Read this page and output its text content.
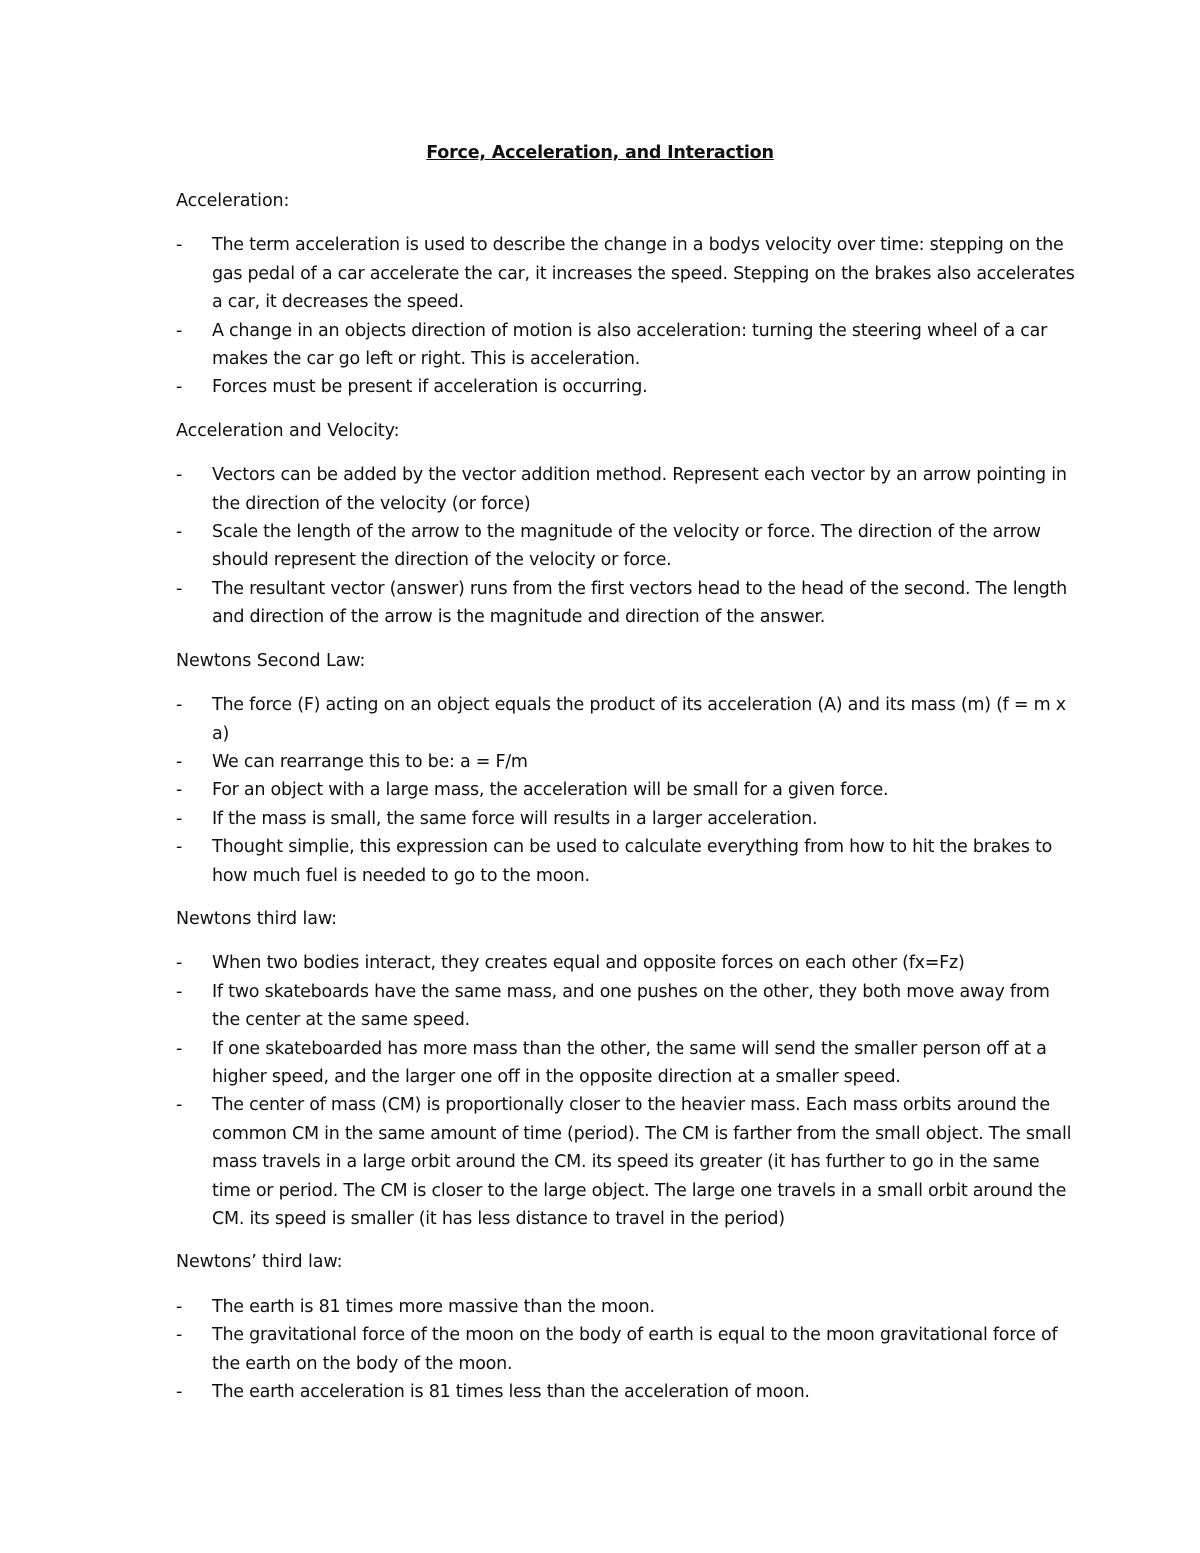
Force, Acceleration, and Interaction
Acceleration:
- The term acceleration is used to describe the change in a bodys velocity over time: stepping on the gas pedal of a car accelerate the car, it increases the speed. Stepping on the brakes also accelerates a car, it decreases the speed.
- A change in an objects direction of motion is also acceleration: turning the steering wheel of a car makes the car go left or right. This is acceleration.
- Forces must be present if acceleration is occurring.
Acceleration and Velocity:
- Vectors can be added by the vector addition method. Represent each vector by an arrow pointing in the direction of the velocity (or force)
- Scale the length of the arrow to the magnitude of the velocity or force. The direction of the arrow should represent the direction of the velocity or force.
- The resultant vector (answer) runs from the first vectors head to the head of the second. The length and direction of the arrow is the magnitude and direction of the answer.
Newtons Second Law:
- The force (F) acting on an object equals the product of its acceleration (A) and its mass (m) (f = m x a)
- We can rearrange this to be: a = F/m
- For an object with a large mass, the acceleration will be small for a given force.
- If the mass is small, the same force will results in a larger acceleration.
- Thought simplie, this expression can be used to calculate everything from how to hit the brakes to how much fuel is needed to go to the moon.
Newtons third law:
- When two bodies interact, they creates equal and opposite forces on each other (fx=Fz)
- If two skateboards have the same mass, and one pushes on the other, they both move away from the center at the same speed.
- If one skateboarded has more mass than the other, the same will send the smaller person off at a higher speed, and the larger one off in the opposite direction at a smaller speed.
- The center of mass (CM) is proportionally closer to the heavier mass. Each mass orbits around the common CM in the same amount of time (period). The CM is farther from the small object. The small mass travels in a large orbit around the CM. its speed its greater (it has further to go in the same time or period. The CM is closer to the large object. The large one travels in a small orbit around the CM. its speed is smaller (it has less distance to travel in the period)
Newtons’ third law:
- The earth is 81 times more massive than the moon.
- The gravitational force of the moon on the body of earth is equal to the moon gravitational force of the earth on the body of the moon.
- The earth acceleration is 81 times less than the acceleration of moon.
